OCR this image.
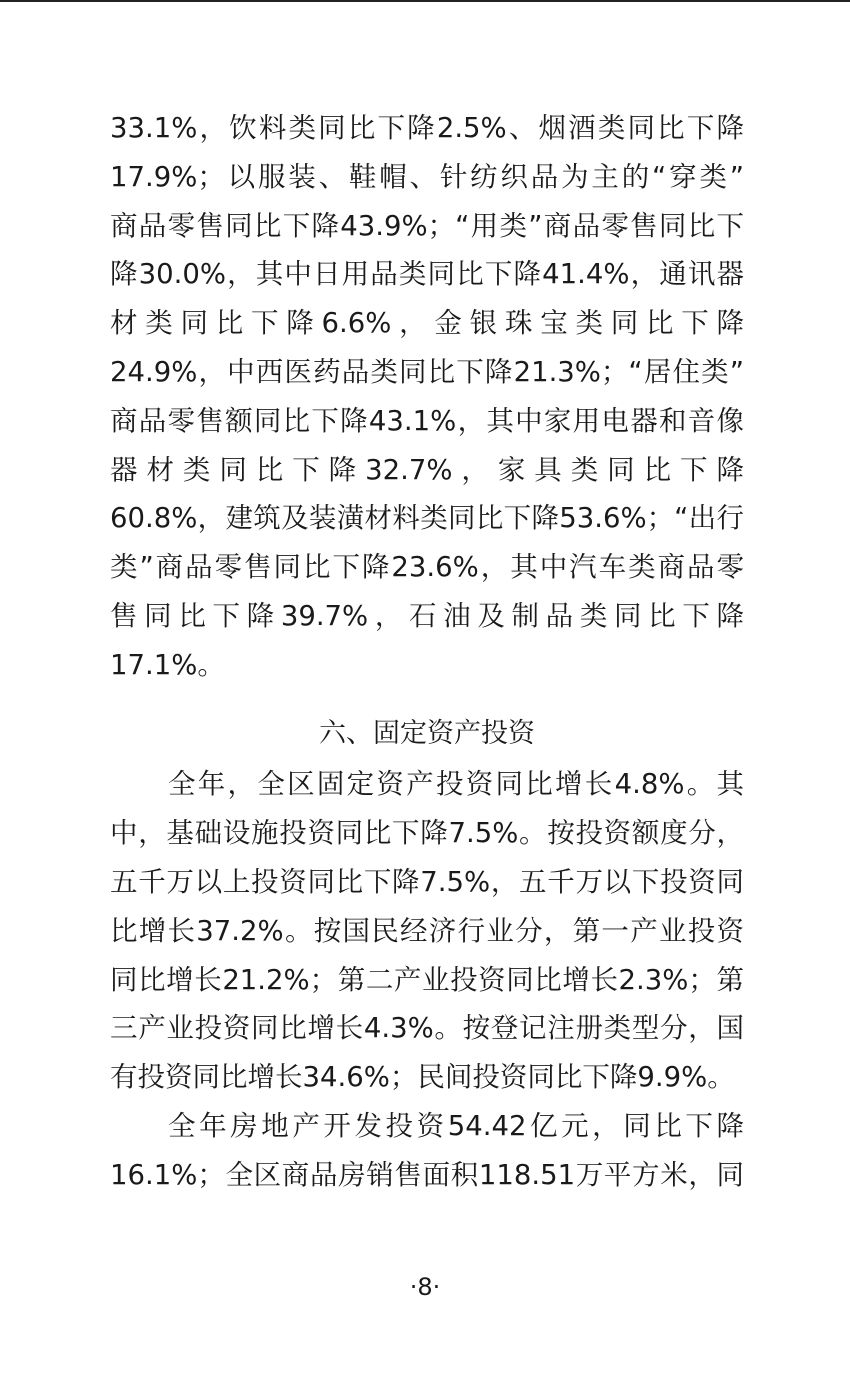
33.1%，饮料类同比下降2.5%、烟酒类同比下降
17.9%；以服装、鞋帽、针纺织品为主的“穿类”
商品零售同比下降43.9%；“用类”商品零售同比下
降30.0%，其中日用品类同比下降41.4%，通讯器
材类同比下降6.6%，金银珠宝类同比下降
24.9%，中西医药品类同比下降21.3%；“居住类”
商品零售额同比下降43.1%，其中家用电器和音像
器材类同比下降32.7%，家具类同比下降
60.8%，建筑及装潢材料类同比下降53.6%；“出行
类”商品零售同比下降23.6%，其中汽车类商品零
售同比下降39.7%，石油及制品类同比下降
17.1%。
六、固定资产投资
全年，全区固定资产投资同比增长4.8%。其
中，基础设施投资同比下降7.5%。按投资额度分，
五千万以上投资同比下降7.5%，五千万以下投资同
比增长37.2%。按国民经济行业分，第一产业投资
同比增长21.2%；第二产业投资同比增长2.3%；第
三产业投资同比增长4.3%。按登记注册类型分，国
有投资同比增长34.6%；民间投资同比下降9.9%。
全年房地产开发投资54.42亿元，同比下降
16.1%；全区商品房销售面积118.51万平方米，同
·8·
